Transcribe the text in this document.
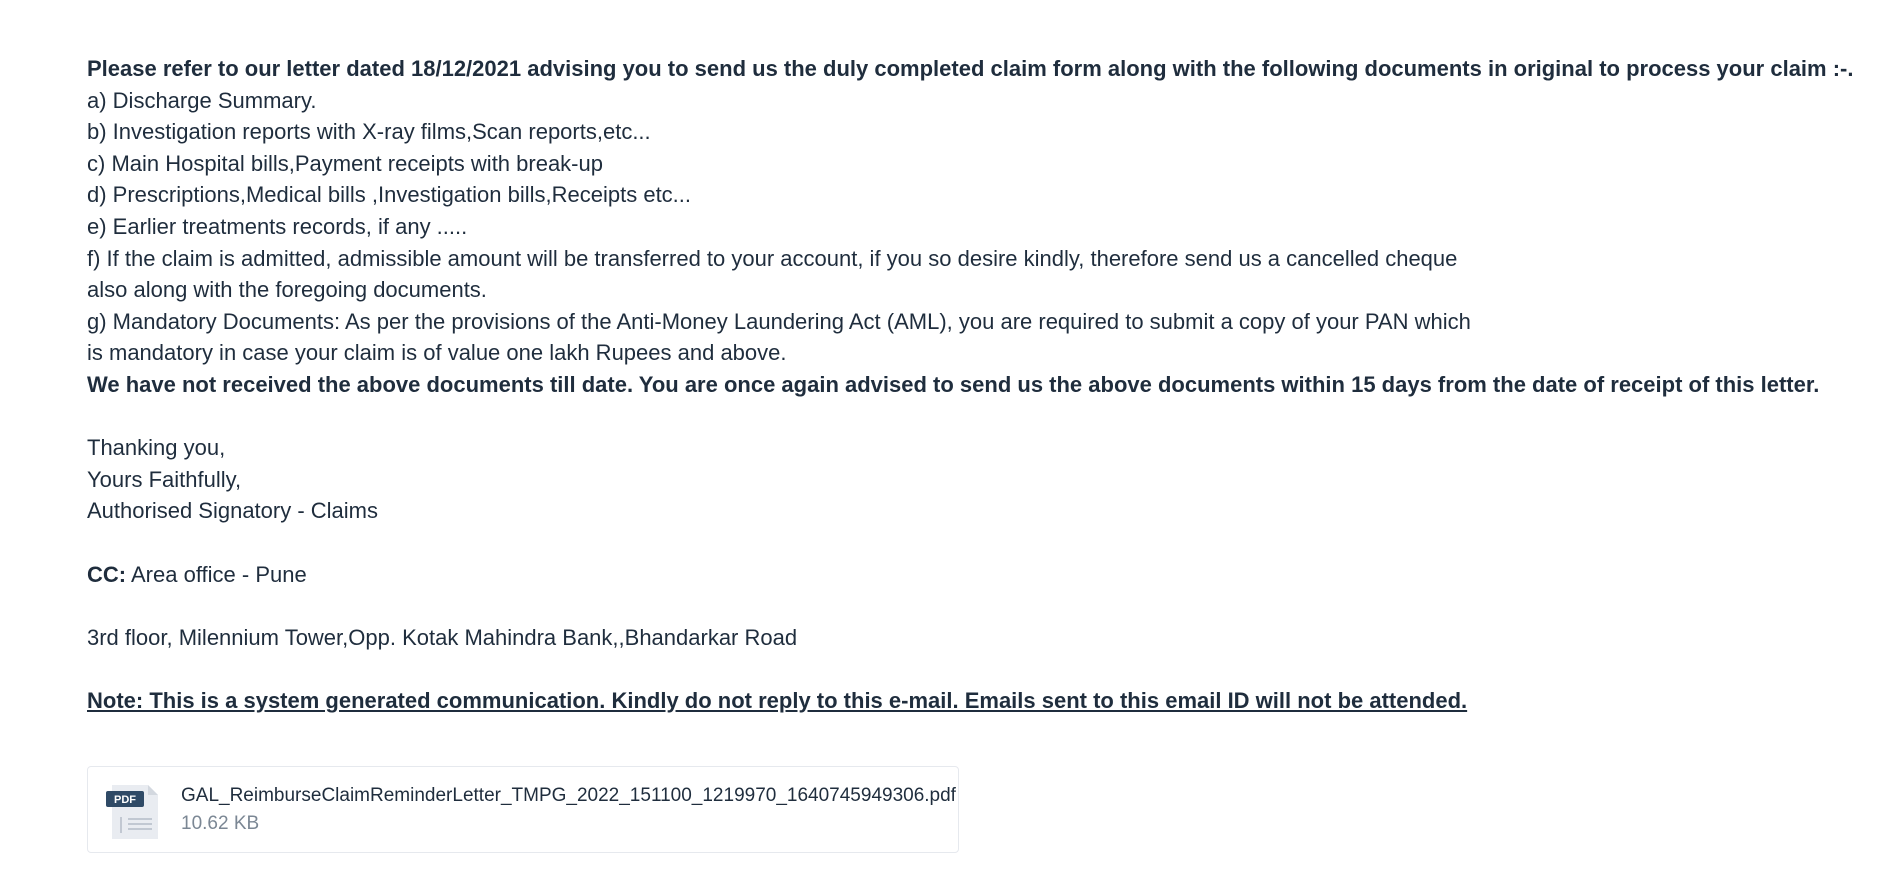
Please refer to our letter dated 18/12/2021 advising you to send us the duly completed claim form along with the following documents in original to process your claim :-.
a) Discharge Summary.
b) Investigation reports with X-ray films,Scan reports,etc...
c) Main Hospital bills,Payment receipts with break-up
d) Prescriptions,Medical bills ,Investigation bills,Receipts etc...
e) Earlier treatments records, if any .....
f) If the claim is admitted, admissible amount will be transferred to your account, if you so desire kindly, therefore send us a cancelled cheque
also along with the foregoing documents.
g) Mandatory Documents: As per the provisions of the Anti-Money Laundering Act (AML), you are required to submit a copy of your PAN which
is mandatory in case your claim is of value one lakh Rupees and above.
We have not received the above documents till date. You are once again advised to send us the above documents within 15 days from the date of receipt of this letter.
Thanking you,
Yours Faithfully,
Authorised Signatory - Claims
CC: Area office - Pune
3rd floor, Milennium Tower,Opp. Kotak Mahindra Bank,,Bhandarkar Road
Note: This is a system generated communication. Kindly do not reply to this e-mail. Emails sent to this email ID will not be attended.
PDF GAL_ReimburseClaimReminderLetter_TMPG_2022_151100_1219970_1640745949306.pdf
10.62 KB
